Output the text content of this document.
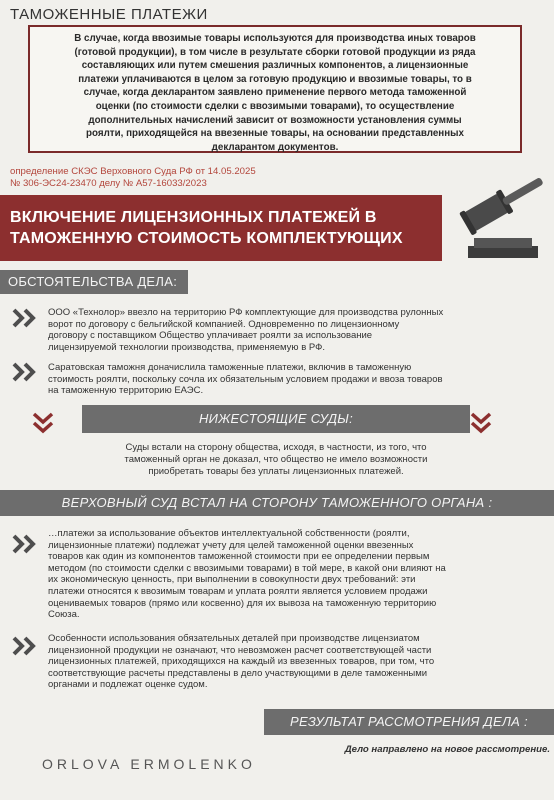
ТАМОЖЕННЫЕ ПЛАТЕЖИ
В случае, когда ввозимые товары используются для производства иных товаров
(готовой продукции), в том числе в результате сборки готовой продукции из ряда
составляющих или путем смешения различных компонентов, а лицензионные
платежи уплачиваются в целом за готовую продукцию и ввозимые товары, то в
случае, когда декларантом заявлено применение первого метода таможенной
оценки (по стоимости сделки с ввозимыми товарами), то осуществление
дополнительных начислений зависит от возможности установления суммы
роялти, приходящейся на ввезенные товары, на основании представленных
декларантом документов.
определение СКЭС Верховного Суда РФ от 14.05.2025
№ 306-ЭС24-23470 делу № А57-16033/2023
ВКЛЮЧЕНИЕ ЛИЦЕНЗИОННЫХ ПЛАТЕЖЕЙ В
ТАМОЖЕННУЮ СТОИМОСТЬ КОМПЛЕКТУЮЩИХ
ОБСТОЯТЕЛЬСТВА ДЕЛА:
ООО «Технолор» ввезло на территорию РФ комплектующие для производства рулонных
ворот по договору с бельгийской компанией. Одновременно по лицензионному
договору с поставщиком Общество уплачивает роялти за использование
лицензируемой технологии производства, применяемую в РФ.
Саратовская таможня доначислила таможенные платежи, включив в таможенную
стоимость роялти, поскольку сочла их обязательным условием продажи и ввоза товаров
на таможенную территорию ЕАЭС.
НИЖЕСТОЯЩИЕ СУДЫ:
Суды встали на сторону общества, исходя, в частности, из того, что
таможенный орган не доказал, что общество не имело возможности
приобретать товары без уплаты лицензионных платежей.
ВЕРХОВНЫЙ СУД ВСТАЛ НА СТОРОНУ ТАМОЖЕННОГО ОРГАНА :
…платежи за использование объектов интеллектуальной собственности (роялти,
лицензионные платежи) подлежат учету для целей таможенной оценки ввезенных
товаров как один из компонентов таможенной стоимости при ее определении первым
методом (по стоимости сделки с ввозимыми товарами) в той мере, в какой они влияют на
их экономическую ценность, при выполнении в совокупности двух требований: эти
платежи относятся к ввозимым товарам и уплата роялти является условием продажи
оцениваемых товаров (прямо или косвенно) для их вывоза на таможенную территорию
Союза.
Особенности использования обязательных деталей при производстве лицензиатом
лицензионной продукции не означают, что невозможен расчет соответствующей части
лицензионных платежей, приходящихся на каждый из ввезенных товаров, при том, что
соответствующие расчеты представлены в дело участвующими в деле таможенными
органами и подлежат оценке судом.
РЕЗУЛЬТАТ РАССМОТРЕНИЯ ДЕЛА :
Дело направлено на новое рассмотрение.
ORLOVA ERMOLENKO
